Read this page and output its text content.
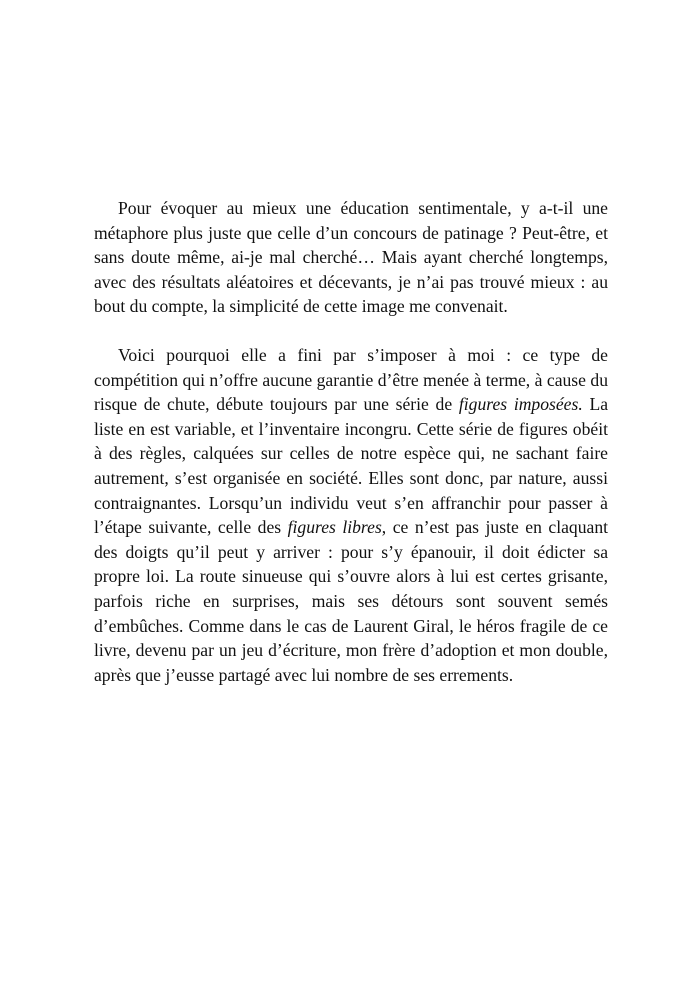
Pour évoquer au mieux une éducation sentimentale, y a-t-il une métaphore plus juste que celle d’un concours de patinage ? Peut-être, et sans doute même, ai-je mal cherché… Mais ayant cherché longtemps, avec des résultats aléatoires et décevants, je n’ai pas trouvé mieux : au bout du compte, la simplicité de cette image me convenait.

Voici pourquoi elle a fini par s’imposer à moi : ce type de compétition qui n’offre aucune garantie d’être menée à terme, à cause du risque de chute, débute toujours par une série de figures imposées. La liste en est variable, et l’inventaire incongru. Cette série de figures obéit à des règles, calquées sur celles de notre espèce qui, ne sachant faire autrement, s’est organisée en société. Elles sont donc, par nature, aussi contraignantes. Lorsqu’un individu veut s’en affranchir pour passer à l’étape suivante, celle des figures libres, ce n’est pas juste en claquant des doigts qu’il peut y arriver : pour s’y épanouir, il doit édicter sa propre loi. La route sinueuse qui s’ouvre alors à lui est certes grisante, parfois riche en surprises, mais ses détours sont souvent semés d’embûches. Comme dans le cas de Laurent Giral, le héros fragile de ce livre, devenu par un jeu d’écriture, mon frère d’adoption et mon double, après que j’eusse partagé avec lui nombre de ses errements.
